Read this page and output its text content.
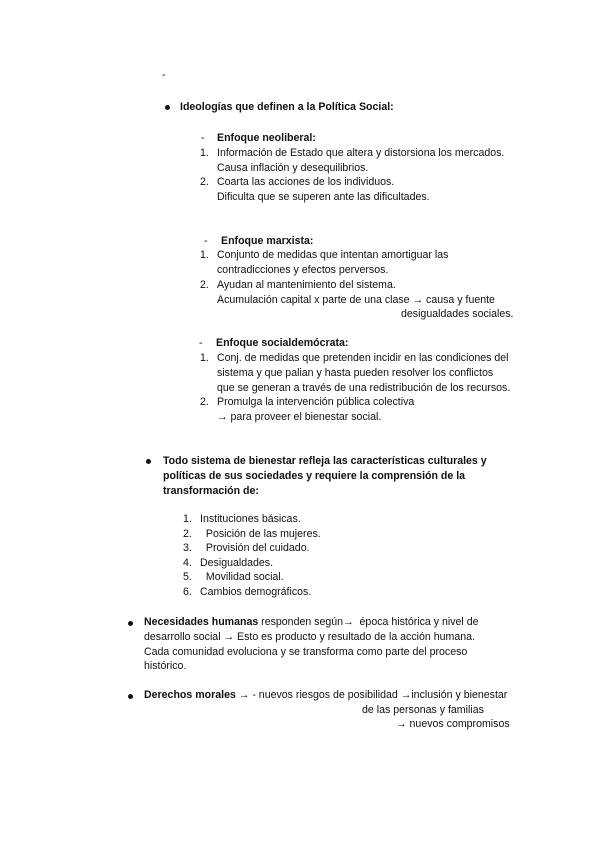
-
Ideologías que definen a la Política Social:
- Enfoque neoliberal:
1. Información de Estado que altera y distorsiona los mercados.
Causa inflación y desequilibrios.
2. Coarta las acciones de los individuos.
Dificulta que se superen ante las dificultades.
- Enfoque marxista:
1. Conjunto de medidas que intentan amortiguar las
contradicciones y efectos perversos.
2. Ayudan al mantenimiento del sistema.
Acumulación capital x parte de una clase → causa y fuente
desigualdades sociales.
- Enfoque socialdemócrata:
1. Conj. de medidas que pretenden incidir en las condiciones del
sistema y que palian y hasta pueden resolver los conflictos
que se generan a través de una redistribución de los recursos.
2. Promulga la intervención pública colectiva
→ para proveer el bienestar social.
Todo sistema de bienestar refleja las características culturales y
políticas de sus sociedades y requiere la comprensión de la
transformación de:
1. Instituciones básicas.
2. Posición de las mujeres.
3. Provisión del cuidado.
4. Desigualdades.
5. Movilidad social.
6. Cambios demográficos.
Necesidades humanas responden según→  época histórica y nivel de
desarrollo social → Esto es producto y resultado de la acción humana.
Cada comunidad evoluciona y se transforma como parte del proceso
histórico.
Derechos morales → - nuevos riesgos de posibilidad →inclusión y bienestar
de las personas y familias
→ nuevos compromisos
